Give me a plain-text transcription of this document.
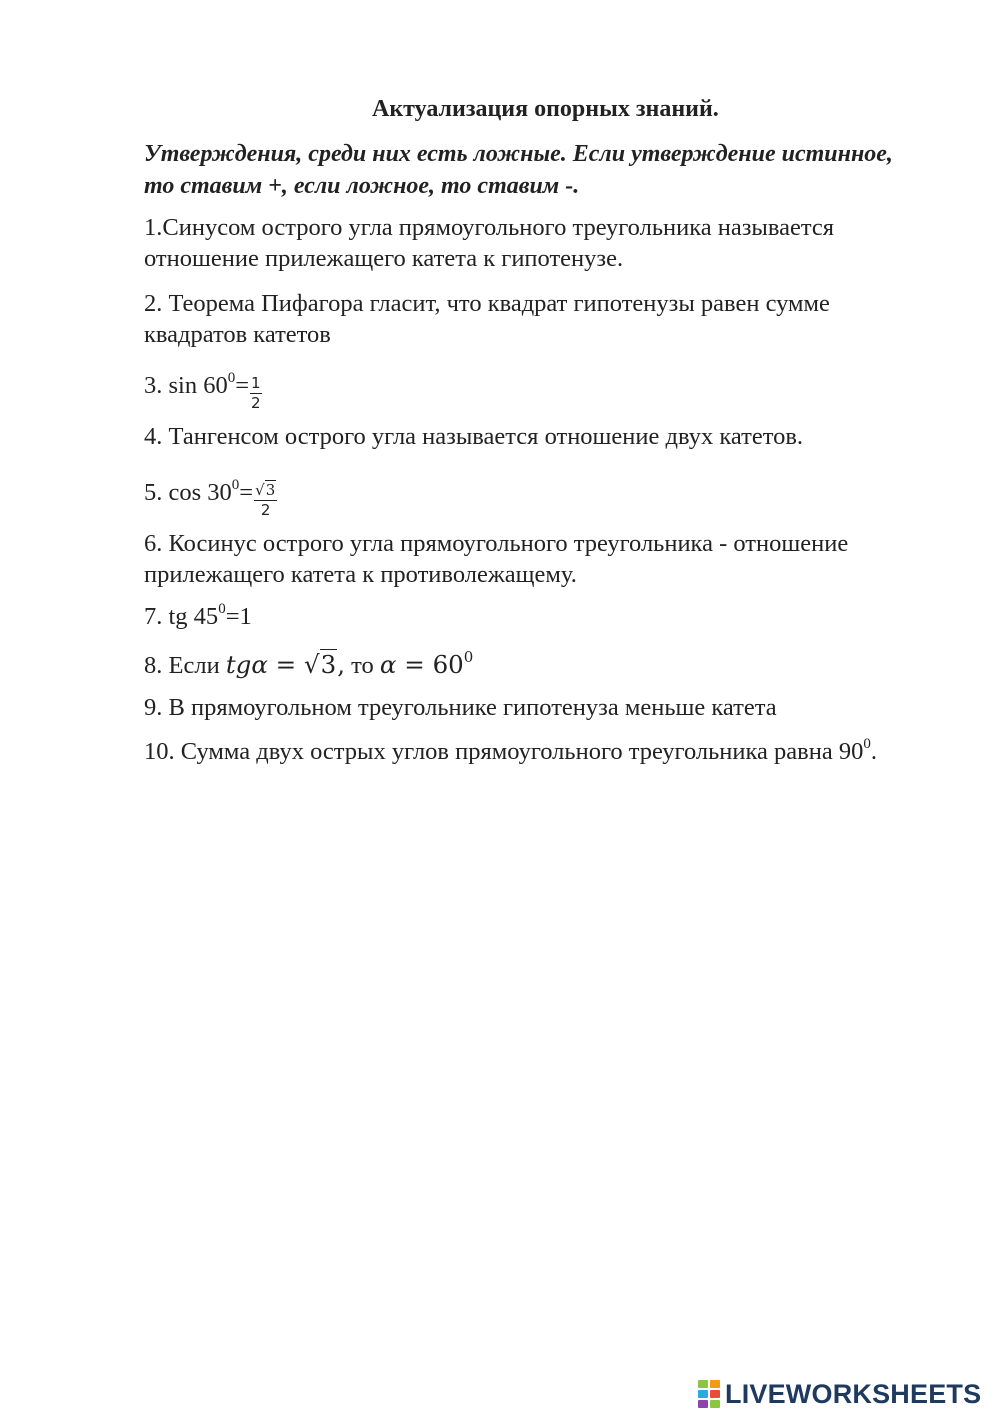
Актуализация опорных знаний.
Утверждения, среди них есть ложные. Если утверждение истинное, то ставим +, если ложное, то ставим -.
1.Синусом острого угла прямоугольного треугольника называется отношение прилежащего катета к гипотенузе.
2. Теорема Пифагора гласит, что квадрат гипотенузы равен сумме квадратов катетов
3. $\sin 60^0= \frac{1}{2}$
4. Тангенсом острого угла называется отношение двух катетов.
5. $\cos 30^0= \frac{√3}{2}$
6. Косинус острого угла прямоугольного треугольника - отношение прилежащего катета к противолежащему.
7. tg $45^0=1$
8. Если tgα = √3, то $\alpha = 60^0$
9. В прямоугольном треугольнике гипотенуза меньше катета
10. Сумма двух острых углов прямоугольного треугольника равна $90^0$.
LIVEWORKSHEETS
